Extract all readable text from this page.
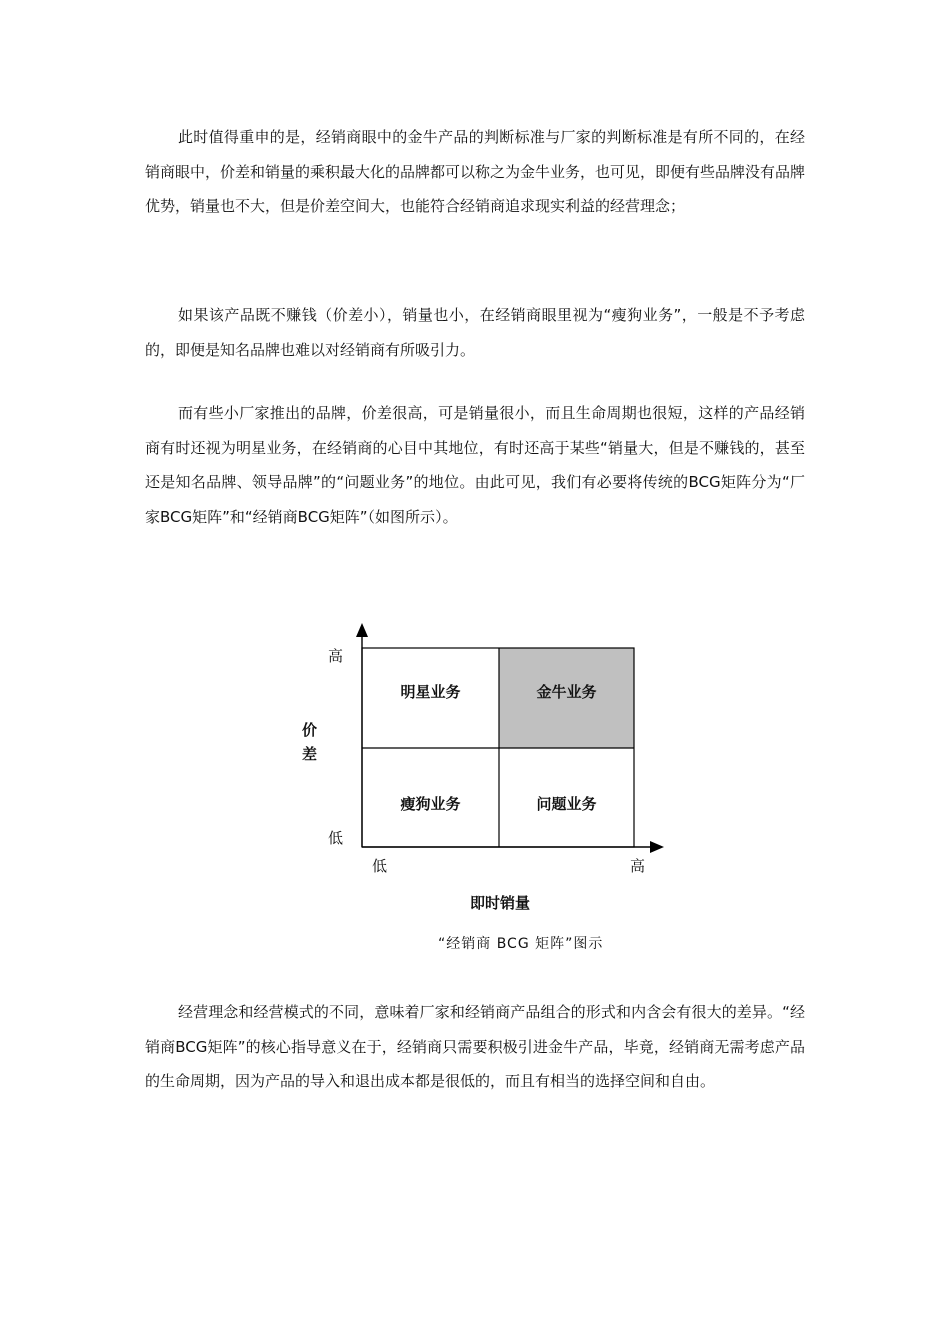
此时值得重申的是，经销商眼中的金牛产品的判断标准与厂家的判断标准是有所不同的，在经销商眼中，价差和销量的乘积最大化的品牌都可以称之为金牛业务，也可见，即便有些品牌没有品牌优势，销量也不大，但是价差空间大，也能符合经销商追求现实利益的经营理念；

如果该产品既不赚钱（价差小），销量也小，在经销商眼里视为“瘦狗业务”，一般是不予考虑的，即便是知名品牌也难以对经销商有所吸引力。

而有些小厂家推出的品牌，价差很高，可是销量很小，而且生命周期也很短，这样的产品经销商有时还视为明星业务，在经销商的心目中其地位，有时还高于某些“销量大，但是不赚钱的，甚至还是知名品牌、领导品牌”的“问题业务”的地位。由此可见，我们有必要将传统的BCG矩阵分为“厂家BCG矩阵”和“经销商BCG矩阵”（如图所示）。

高
低
价
差
低	高
即时销量
明星业务	金牛业务
瘦狗业务	问题业务
“经销商 BCG 矩阵”图示

经营理念和经营模式的不同，意味着厂家和经销商产品组合的形式和内含会有很大的差异。“经销商BCG矩阵”的核心指导意义在于，经销商只需要积极引进金牛产品，毕竟，经销商无需考虑产品的生命周期，因为产品的导入和退出成本都是很低的，而且有相当的选择空间和自由。
